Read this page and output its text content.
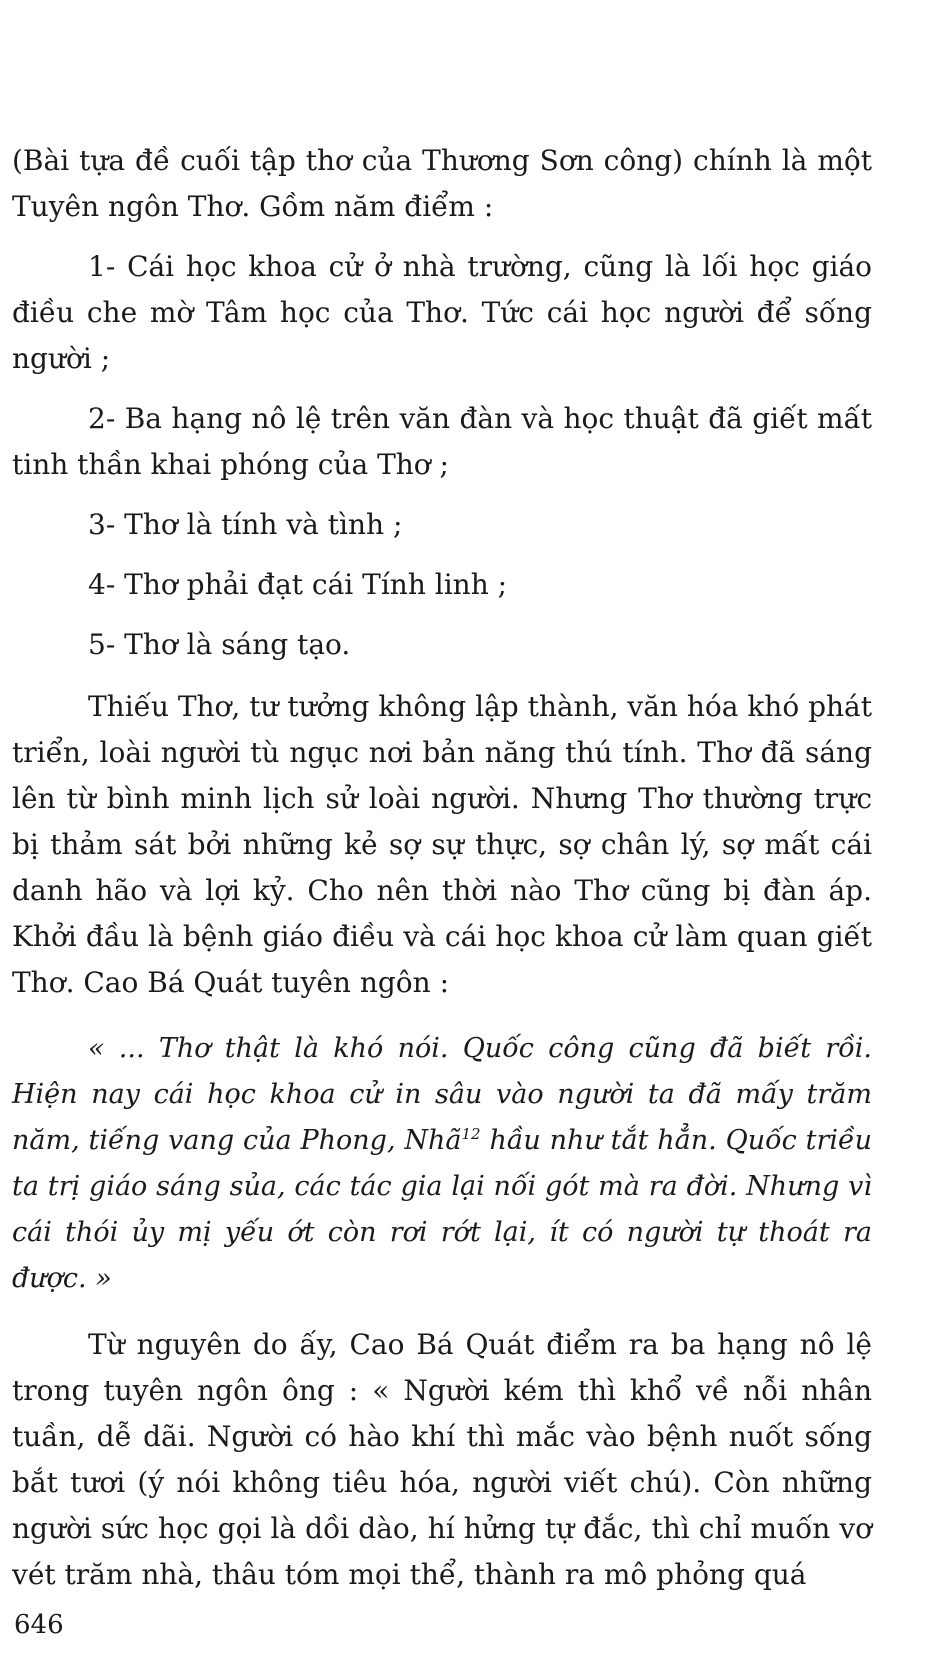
(Bài tựa đề cuối tập thơ của Thương Sơn công) chính là một Tuyên ngôn Thơ. Gồm năm điểm :

1- Cái học khoa cử ở nhà trường, cũng là lối học giáo điều che mờ Tâm học của Thơ. Tức cái học người để sống người ;

2- Ba hạng nô lệ trên văn đàn và học thuật đã giết mất tinh thần khai phóng của Thơ ;

3- Thơ là tính và tình ;

4- Thơ phải đạt cái Tính linh ;

5- Thơ là sáng tạo.

Thiếu Thơ, tư tưởng không lập thành, văn hóa khó phát triển, loài người tù ngục nơi bản năng thú tính. Thơ đã sáng lên từ bình minh lịch sử loài người. Nhưng Thơ thường trực bị thảm sát bởi những kẻ sợ sự thực, sợ chân lý, sợ mất cái danh hão và lợi kỷ. Cho nên thời nào Thơ cũng bị đàn áp. Khởi đầu là bệnh giáo điều và cái học khoa cử làm quan giết Thơ. Cao Bá Quát tuyên ngôn :

« ... Thơ thật là khó nói. Quốc công cũng đã biết rồi. Hiện nay cái học khoa cử in sâu vào người ta đã mấy trăm năm, tiếng vang của Phong, Nhã$^{12}$ hầu như tắt hẳn. Quốc triều ta trị giáo sáng sủa, các tác gia lại nối gót mà ra đời. Nhưng vì cái thói ủy mị yếu ớt còn rơi rớt lại, ít có người tự thoát ra được. »

Từ nguyên do ấy, Cao Bá Quát điểm ra ba hạng nô lệ trong tuyên ngôn ông : « Người kém thì khổ về nỗi nhân tuần, dễ dãi. Người có hào khí thì mắc vào bệnh nuốt sống bắt tươi (ý nói không tiêu hóa, người viết chú). Còn những người sức học gọi là dồi dào, hí hửng tự đắc, thì chỉ muốn vơ vét trăm nhà, thâu tóm mọi thể, thành ra mô phỏng quá

646
